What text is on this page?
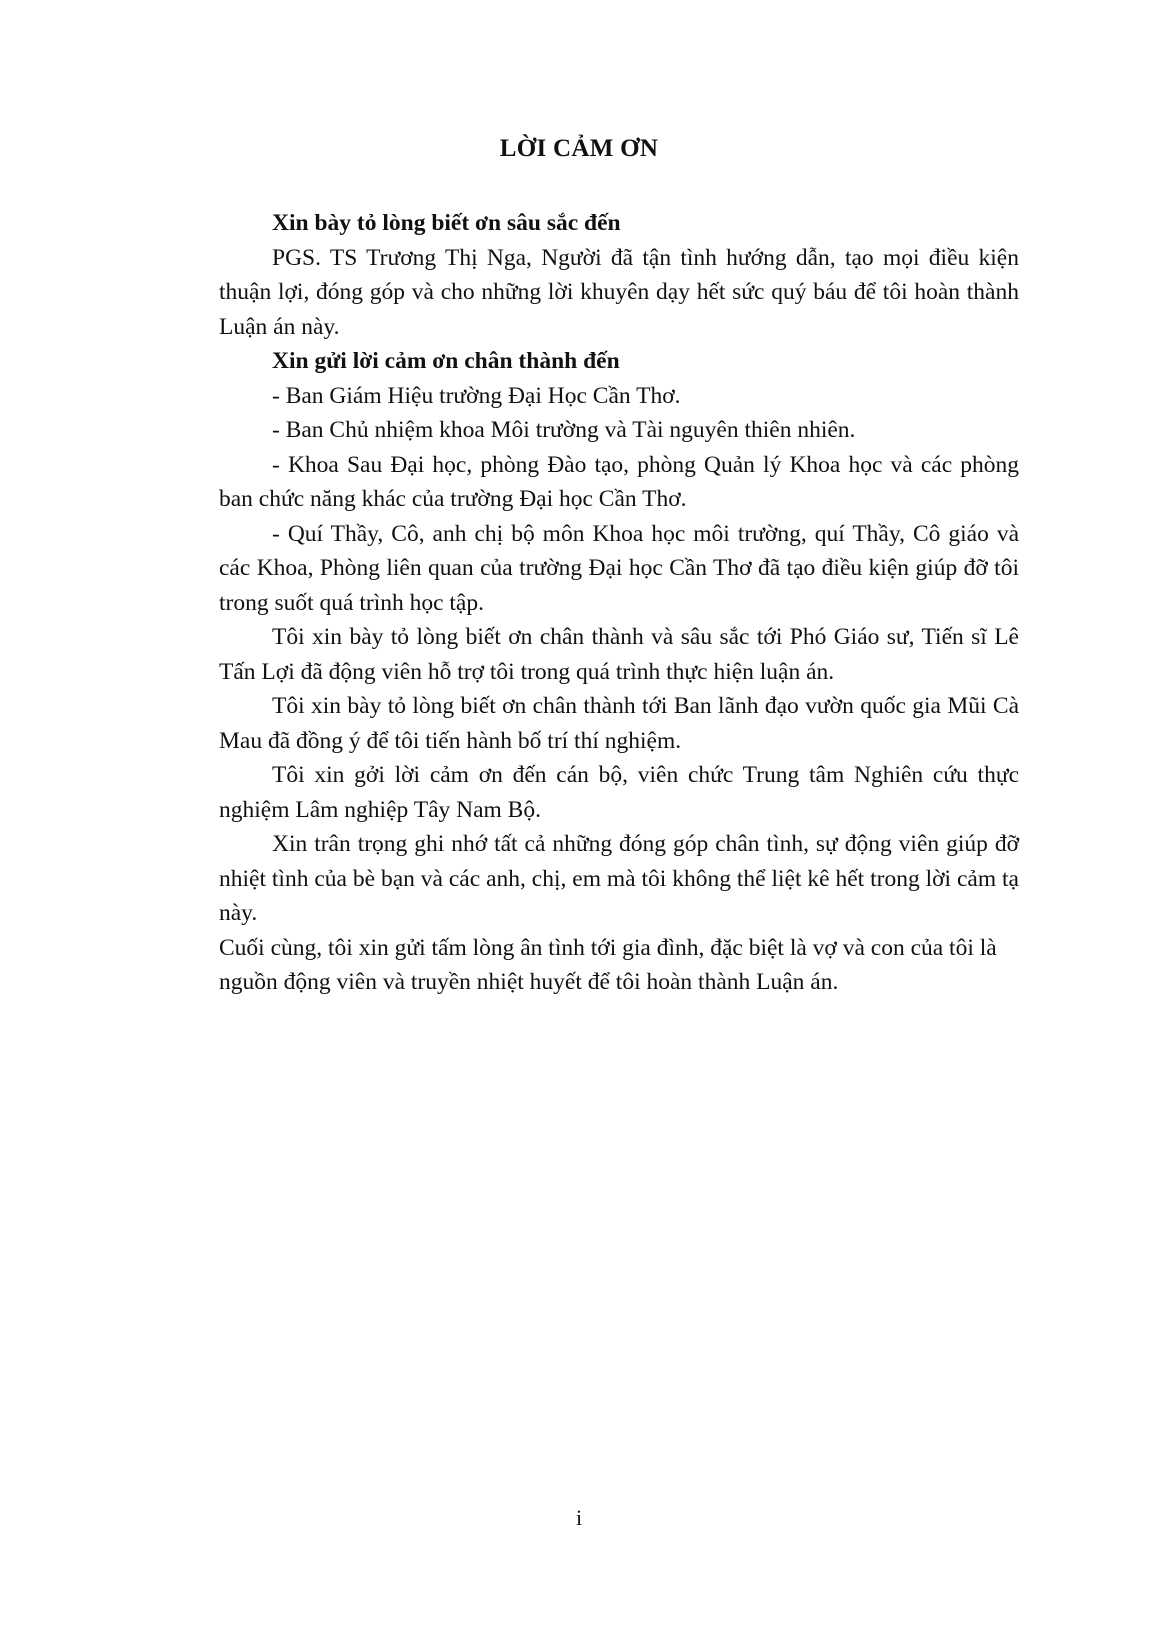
LỜI CẢM ƠN

Xin bày tỏ lòng biết ơn sâu sắc đến

PGS. TS Trương Thị Nga, Người đã tận tình hướng dẫn, tạo mọi điều kiện thuận lợi, đóng góp và cho những lời khuyên dạy hết sức quý báu để tôi hoàn thành Luận án này.

Xin gửi lời cảm ơn chân thành đến

- Ban Giám Hiệu trường Đại Học Cần Thơ.

- Ban Chủ nhiệm khoa Môi trường và Tài nguyên thiên nhiên.

- Khoa Sau Đại học, phòng Đào tạo, phòng Quản lý Khoa học và các phòng ban chức năng khác của trường Đại học Cần Thơ.

- Quí Thầy, Cô, anh chị bộ môn Khoa học môi trường, quí Thầy, Cô giáo và các Khoa, Phòng liên quan của trường Đại học Cần Thơ đã tạo điều kiện giúp đỡ tôi trong suốt quá trình học tập.

Tôi xin bày tỏ lòng biết ơn chân thành và sâu sắc tới Phó Giáo sư, Tiến sĩ Lê Tấn Lợi đã động viên hỗ trợ tôi trong quá trình thực hiện luận án.

Tôi xin bày tỏ lòng biết ơn chân thành tới Ban lãnh đạo vườn quốc gia Mũi Cà Mau đã đồng ý để tôi tiến hành bố trí thí nghiệm.

Tôi xin gởi lời cảm ơn đến cán bộ, viên chức Trung tâm Nghiên cứu thực nghiệm Lâm nghiệp Tây Nam Bộ.

Xin trân trọng ghi nhớ tất cả những đóng góp chân tình, sự động viên giúp đỡ nhiệt tình của bè bạn và các anh, chị, em mà tôi không thể liệt kê hết trong lời cảm tạ này.

Cuối cùng, tôi xin gửi tấm lòng ân tình tới gia đình, đặc biệt là vợ và con của tôi là nguồn động viên và truyền nhiệt huyết để tôi hoàn thành Luận án.

i
